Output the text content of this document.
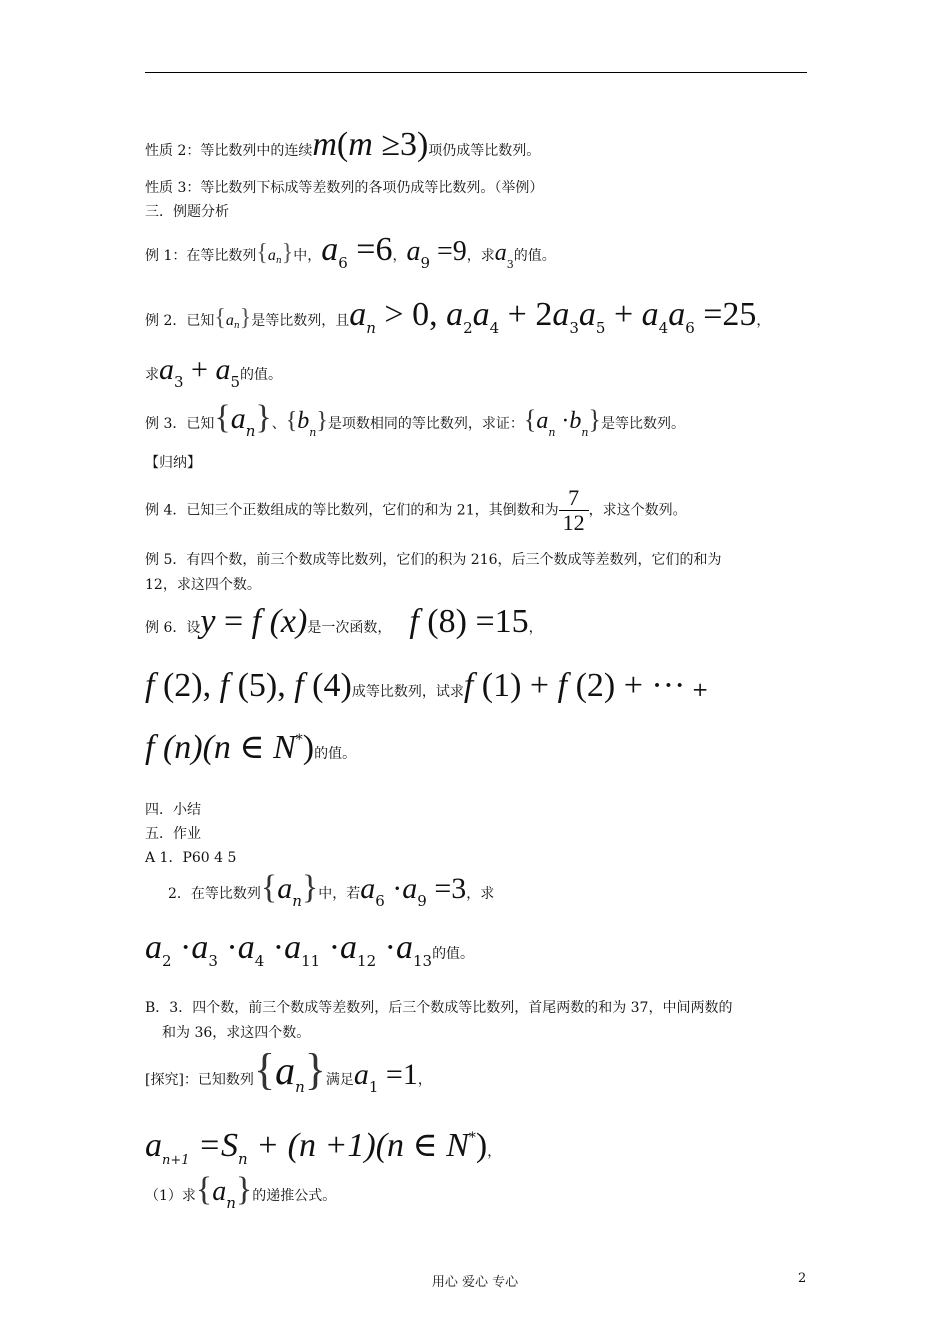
性质 2：等比数列中的连续m(m ≥3)项仍成等比数列。
性质 3：等比数列下标成等差数列的各项仍成等比数列。（举例）
三．例题分析
例 1：在等比数列$\{a_n\}$中，a6 =6，a9 =9，求$a_3$的值。
例 2．已知$\{a_n\}$是等比数列，且an > 0, a2a4 + 2a3a5 + a4a6 =25，
求a3 + a5的值。
例 3．已知{an}、$\{b_n\}$是项数相同的等比数列，求证：$\{a_n \cdot b_n\}$是等比数列。
【归纳】
例 4．已知三个正数组成的等比数列，它们的和为 21，其倒数和为 $\frac{7}{12}$ ，求这个数列。
例 5．有四个数，前三个数成等比数列，它们的积为 216，后三个数成等差数列，它们的和为
12，求这四个数。
例 6．设y = f (x)是一次函数， f (8) =15，
f (2), f (5), f (4)成等比数列，试求f (1) + f (2) + ··· +
f (n)(n ∈ N*)的值。
四．小结
五．作业
A 1．P60 4 5
2．在等比数列{an}中，若a6 ·a9 =3，求
a2 ·a3 ·a4 ·a11 ·a12 ·a13的值。
B．3．四个数，前三个数成等差数列，后三个数成等比数列，首尾两数的和为 37，中间两数的
和为 36，求这四个数。
[探究]：已知数列{an}满足a1 =1，
an+1 =Sn + (n +1)(n ∈ N*)，
（1）求{an}的递推公式。
用心 爱心 专心	2
